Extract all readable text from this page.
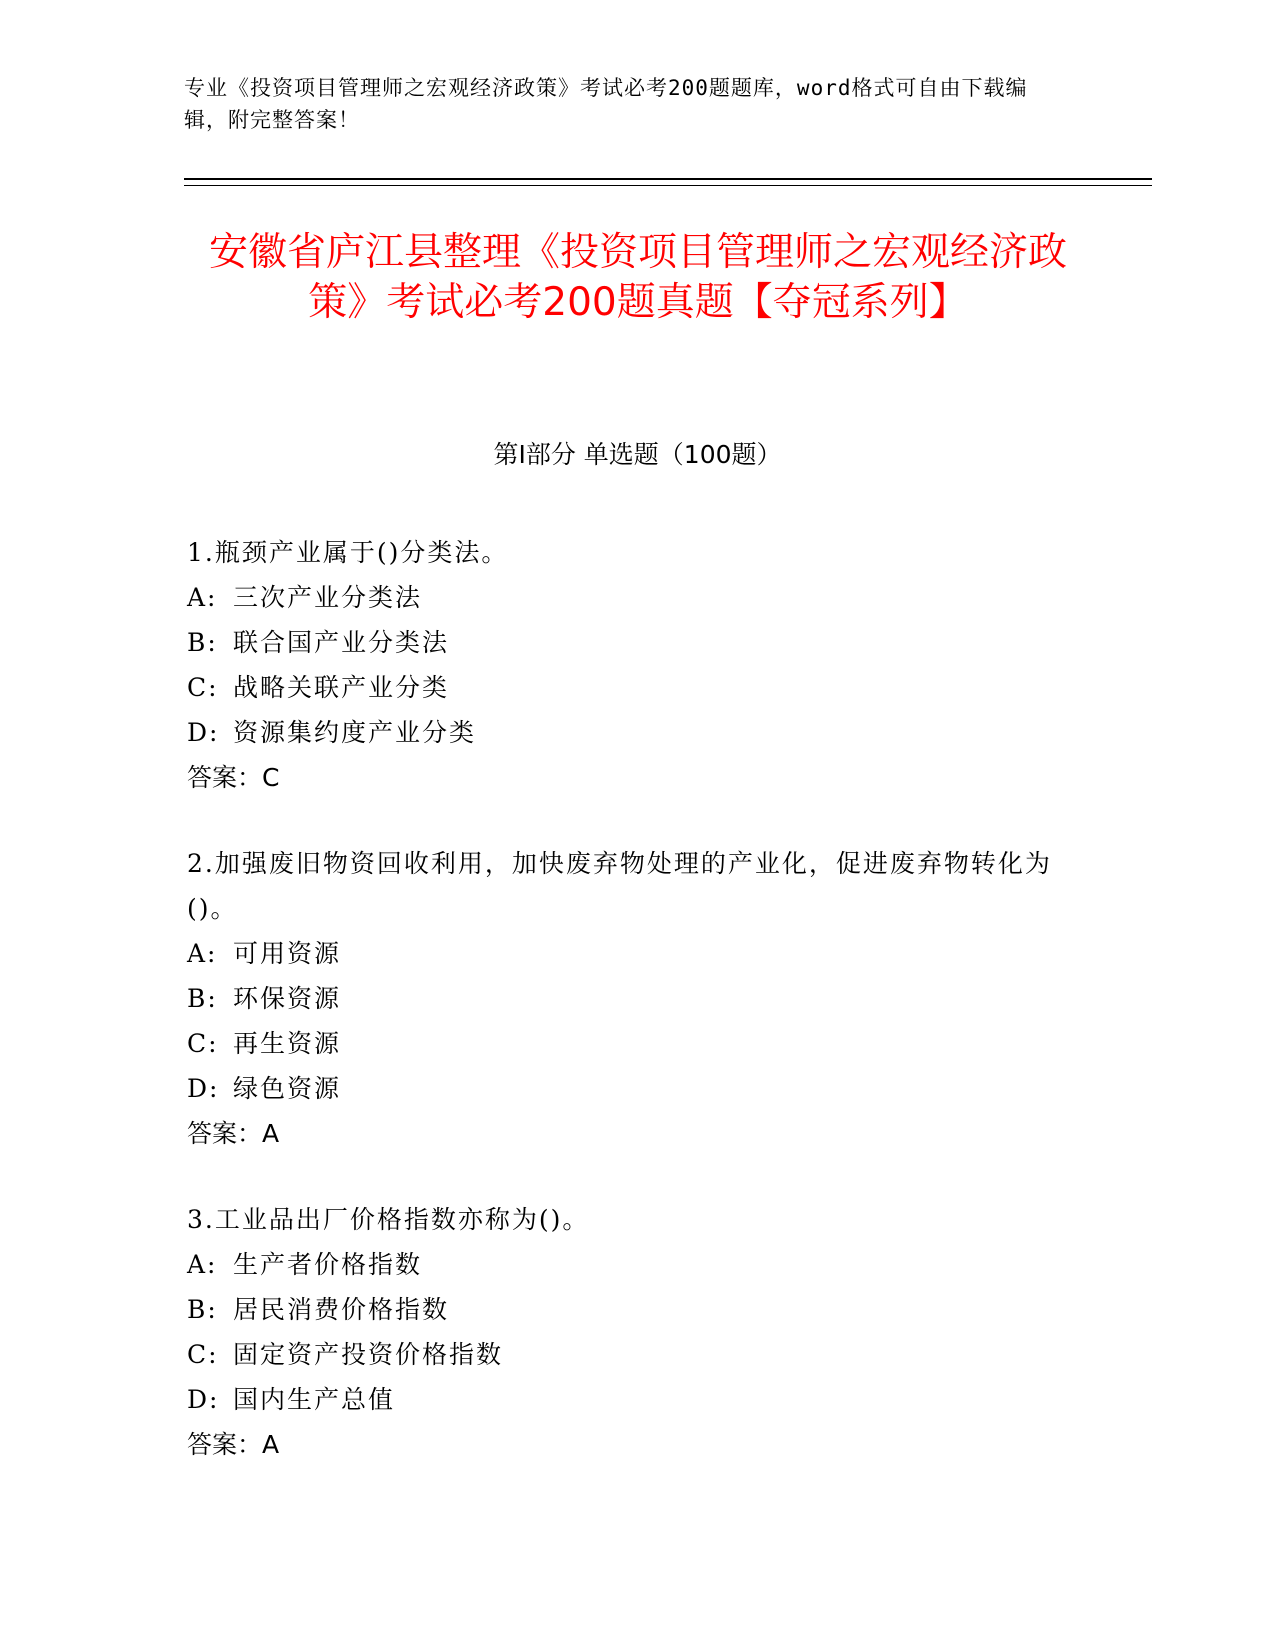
专业《投资项目管理师之宏观经济政策》考试必考200题题库，word格式可自由下载编辑，附完整答案！
安徽省庐江县整理《投资项目管理师之宏观经济政策》考试必考200题真题【夺冠系列】
第Ⅰ部分 单选题（100题）

1.瓶颈产业属于()分类法。

A: 三次产业分类法

B: 联合国产业分类法

C: 战略关联产业分类

D: 资源集约度产业分类

答案：C

2.加强废旧物资回收利用，加快废弃物处理的产业化，促进废弃物转化为()。

A: 可用资源

B: 环保资源

C: 再生资源

D: 绿色资源

答案：A

3.工业品出厂价格指数亦称为()。

A: 生产者价格指数

B: 居民消费价格指数

C: 固定资产投资价格指数

D: 国内生产总值

答案：A
